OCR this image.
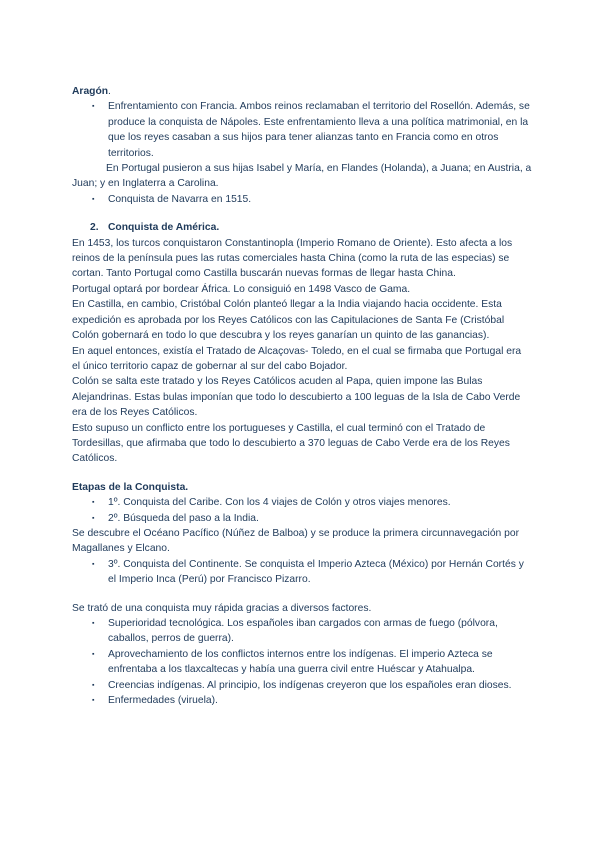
Aragón.

▪ Enfrentamiento con Francia. Ambos reinos reclamaban el territorio del Rosellón. Además, se produce la conquista de Nápoles. Este enfrentamiento lleva a una política matrimonial, en la que los reyes casaban a sus hijos para tener alianzas tanto en Francia como en otros territorios.

En Portugal pusieron a sus hijas Isabel y María, en Flandes (Holanda), a Juana; en Austria, a Juan; y en Inglaterra a Carolina.

▪ Conquista de Navarra en 1515.

2. Conquista de América.

En 1453, los turcos conquistaron Constantinopla (Imperio Romano de Oriente). Esto afecta a los reinos de la península pues las rutas comerciales hasta China (como la ruta de las especias) se cortan. Tanto Portugal como Castilla buscarán nuevas formas de llegar hasta China.

Portugal optará por bordear África. Lo consiguió en 1498 Vasco de Gama.

En Castilla, en cambio, Cristóbal Colón planteó llegar a la India viajando hacia occidente. Esta expedición es aprobada por los Reyes Católicos con las Capitulaciones de Santa Fe (Cristóbal Colón gobernará en todo lo que descubra y los reyes ganarían un quinto de las ganancias).

En aquel entonces, existía el Tratado de Alcaçovas- Toledo, en el cual se firmaba que Portugal era el único territorio capaz de gobernar al sur del cabo Bojador.

Colón se salta este tratado y los Reyes Católicos acuden al Papa, quien impone las Bulas Alejandrinas. Estas bulas imponían que todo lo descubierto a 100 leguas de la Isla de Cabo Verde era de los Reyes Católicos.

Esto supuso un conflicto entre los portugueses y Castilla, el cual terminó con el Tratado de Tordesillas, que afirmaba que todo lo descubierto a 370 leguas de Cabo Verde era de los Reyes Católicos.

Etapas de la Conquista.

▪ 1º. Conquista del Caribe. Con los 4 viajes de Colón y otros viajes menores.
▪ 2º. Búsqueda del paso a la India.

Se descubre el Océano Pacífico (Núñez de Balboa) y se produce la primera circunnavegación por Magallanes y Elcano.

▪ 3º. Conquista del Continente. Se conquista el Imperio Azteca (México) por Hernán Cortés y el Imperio Inca (Perú) por Francisco Pizarro.

Se trató de una conquista muy rápida gracias a diversos factores.

▪ Superioridad tecnológica. Los españoles iban cargados con armas de fuego (pólvora, caballos, perros de guerra).
▪ Aprovechamiento de los conflictos internos entre los indígenas. El imperio Azteca se enfrentaba a los tlaxcaltecas y había una guerra civil entre Huéscar y Atahualpa.
▪ Creencias indígenas. Al principio, los indígenas creyeron que los españoles eran dioses.
▪ Enfermedades (viruela).
